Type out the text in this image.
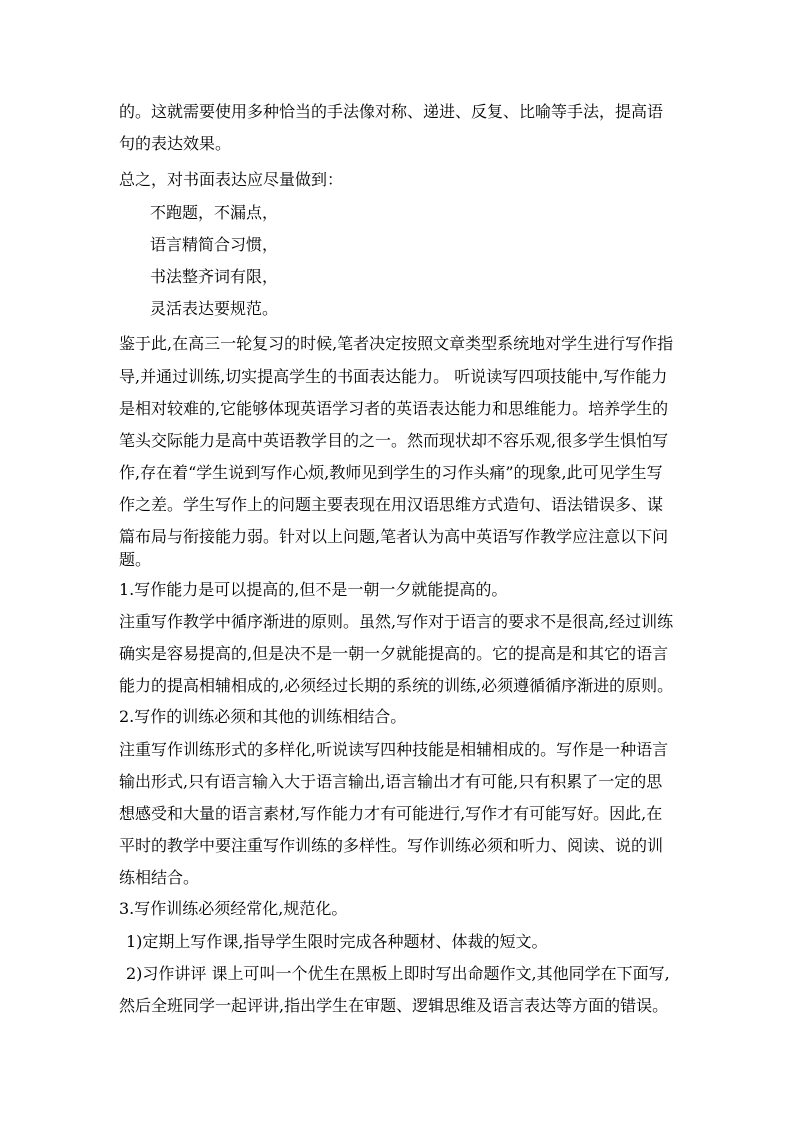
的。这就需要使用多种恰当的手法像对称、递进、反复、比喻等手法，提高语
句的表达效果。
总之，对书面表达应尽量做到：
不跑题，不漏点，
语言精简合习惯，
书法整齐词有限，
灵活表达要规范。
鉴于此,在高三一轮复习的时候,笔者决定按照文章类型系统地对学生进行写作指
导,并通过训练,切实提高学生的书面表达能力。 听说读写四项技能中,写作能力
是相对较难的,它能够体现英语学习者的英语表达能力和思维能力。培养学生的
笔头交际能力是高中英语教学目的之一。然而现状却不容乐观,很多学生惧怕写
作,存在着“学生说到写作心烦,教师见到学生的习作头痛”的现象,此可见学生写
作之差。学生写作上的问题主要表现在用汉语思维方式造句、语法错误多、谋
篇布局与衔接能力弱。针对以上问题,笔者认为高中英语写作教学应注意以下问
题。
1.写作能力是可以提高的,但不是一朝一夕就能提高的。
注重写作教学中循序渐进的原则。虽然,写作对于语言的要求不是很高,经过训练
确实是容易提高的,但是决不是一朝一夕就能提高的。它的提高是和其它的语言
能力的提高相辅相成的,必须经过长期的系统的训练,必须遵循循序渐进的原则。
2.写作的训练必须和其他的训练相结合。
注重写作训练形式的多样化,听说读写四种技能是相辅相成的。写作是一种语言
输出形式,只有语言输入大于语言输出,语言输出才有可能,只有积累了一定的思
想感受和大量的语言素材,写作能力才有可能进行,写作才有可能写好。因此,在
平时的教学中要注重写作训练的多样性。写作训练必须和听力、阅读、说的训
练相结合。
3.写作训练必须经常化,规范化。
1)定期上写作课,指导学生限时完成各种题材、体裁的短文。
2)习作讲评 课上可叫一个优生在黑板上即时写出命题作文,其他同学在下面写,
然后全班同学一起评讲,指出学生在审题、逻辑思维及语言表达等方面的错误。
